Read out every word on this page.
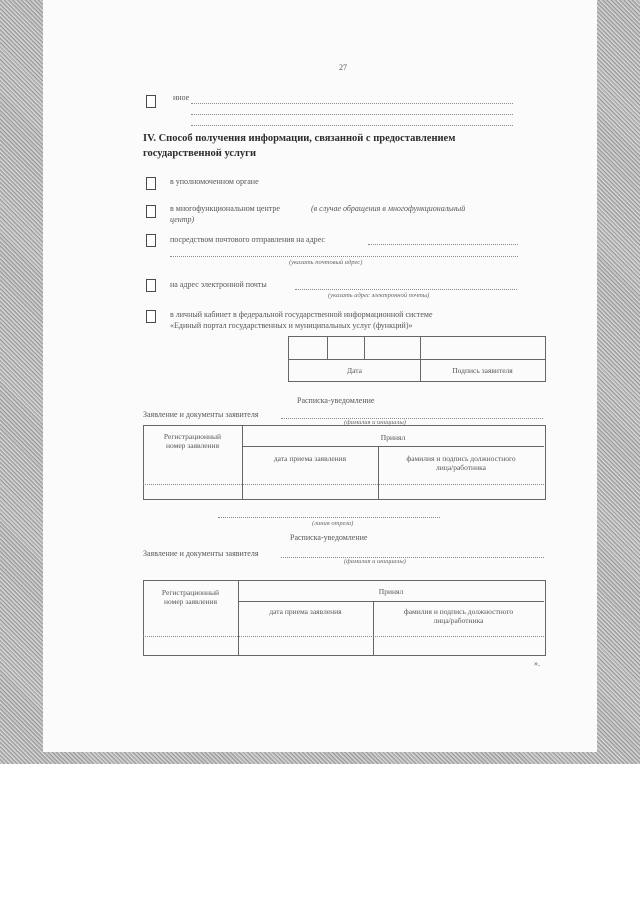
27
иное
IV. Способ получения информации, связанной с предоставлением
государственной услуги
в уполномоченном органе
в многофункциональном центре	(в случае обращения в многофункциональный
центр)
посредством почтового отправления на адрес
(указать почтовый адрес)
на адрес электронной почты
(указать адрес электронной почты)
в личный кабинет в федеральной государственной информационной системе
«Единый портал государственных и муниципальных услуг (функций)»
Дата	Подпись заявителя
Расписка-уведомление
Заявление и документы заявителя
(фамилия и инициалы)
Регистрационный
номер заявления
Принял
дата приема заявления	фамилия и подпись должностного
лица/работника
(линия отреза)
Расписка-уведомление
Заявление и документы заявителя
(фамилия и инициалы)
Регистрационный
номер заявления
Принял
дата приема заявления	фамилия и подпись должностного
лица/работника
».
